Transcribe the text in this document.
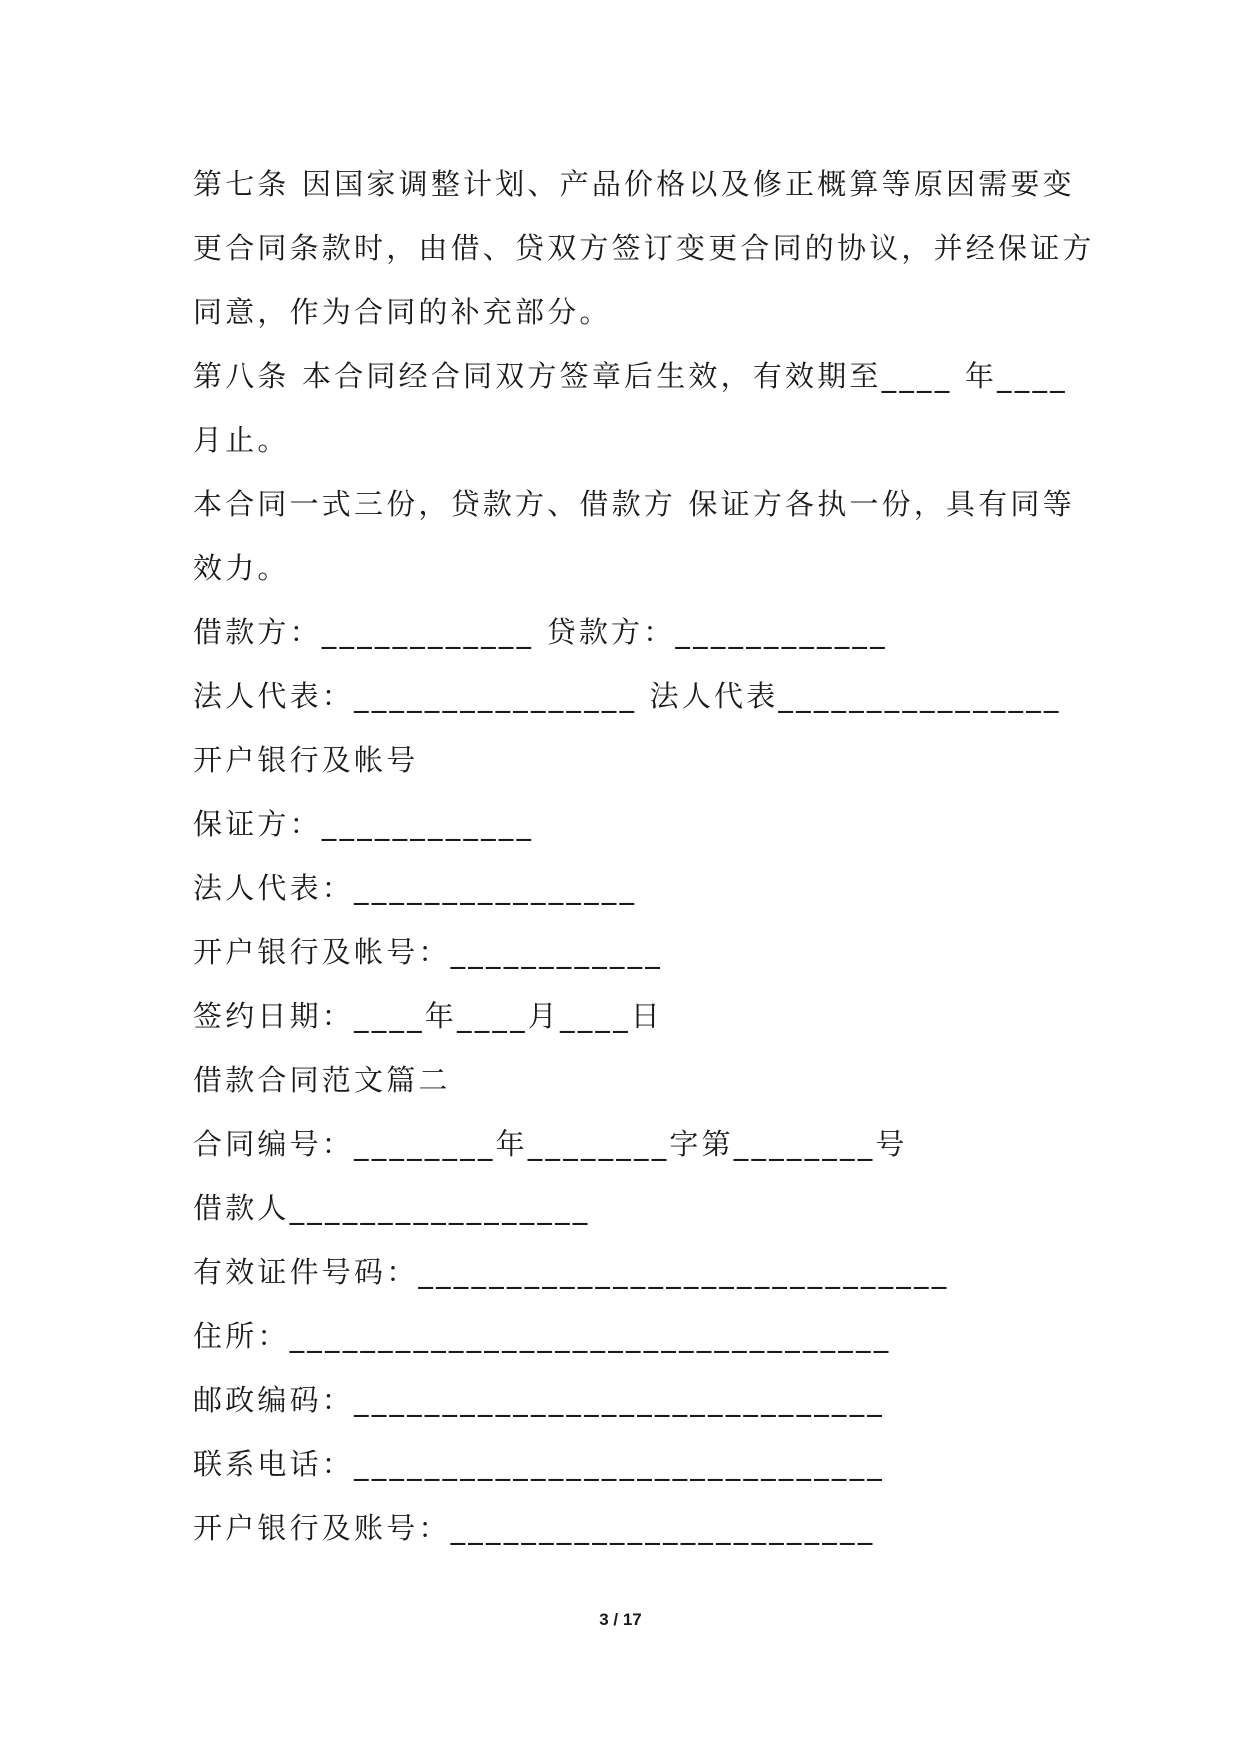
第七条 因国家调整计划、产品价格以及修正概算等原因需要变
更合同条款时，由借、贷双方签订变更合同的协议，并经保证方
同意，作为合同的补充部分。
第八条 本合同经合同双方签章后生效，有效期至____ 年____
月止。
本合同一式三份，贷款方、借款方 保证方各执一份，具有同等
效力。
借款方：____________ 贷款方：____________
法人代表：________________ 法人代表________________
开户银行及帐号
保证方：____________
法人代表：________________
开户银行及帐号：____________
签约日期：____年____月____日
借款合同范文篇二
合同编号：________年________字第________号
借款人_________________
有效证件号码：______________________________
住所：__________________________________
邮政编码：______________________________
联系电话：______________________________
开户银行及账号：________________________
3 / 17
